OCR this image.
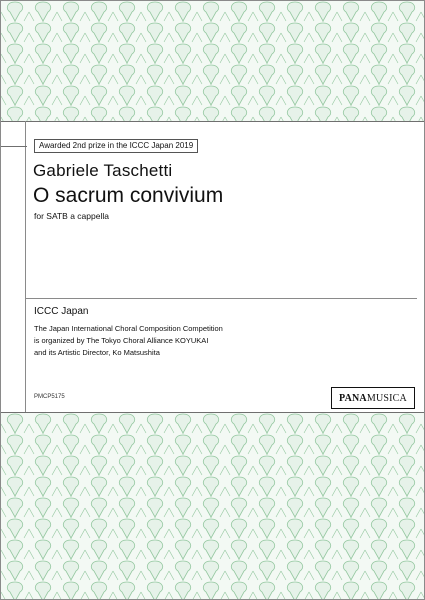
Awarded 2nd prize in the ICCC Japan 2019
Gabriele Taschetti
O sacrum convivium
for SATB a cappella
ICCC Japan
The Japan International Choral Composition Competition
is organized by The Tokyo Choral Alliance KOYUKAI
and its Artistic Director, Ko Matsushita
PMCP5175	PANA MUSICA
